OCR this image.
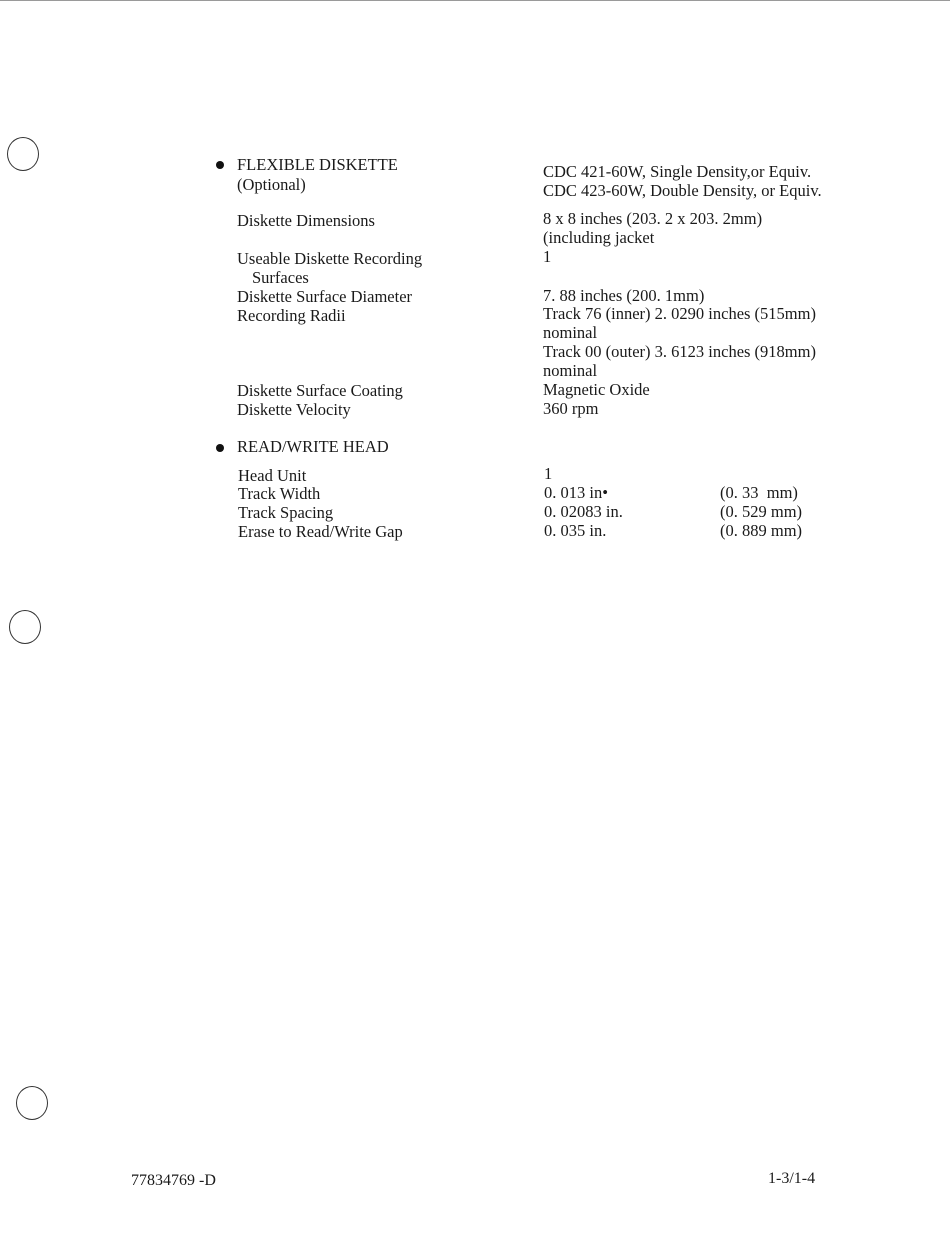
FLEXIBLE DISKETTE
(Optional)
CDC 421-60W, Single Density,or Equiv.
CDC 423-60W, Double Density, or Equiv.
Diskette Dimensions	8 x 8 inches (203. 2 x 203. 2mm)
(including jacket
Useable Diskette Recording	1
Surfaces
Diskette Surface Diameter	7. 88 inches (200. 1mm)
Recording Radii	Track 76 (inner) 2. 0290 inches (515mm)
nominal
Track 00 (outer) 3. 6123 inches (918mm)
nominal
Diskette Surface Coating	Magnetic Oxide
Diskette Velocity	360 rpm
READ/WRITE HEAD
Head Unit	1
Track Width	0. 013 in•	(0. 33  mm)
Track Spacing	0. 02083 in.	(0. 529 mm)
Erase to Read/Write Gap	0. 035 in.	(0. 889 mm)
77834769 -D	1-3/1-4
